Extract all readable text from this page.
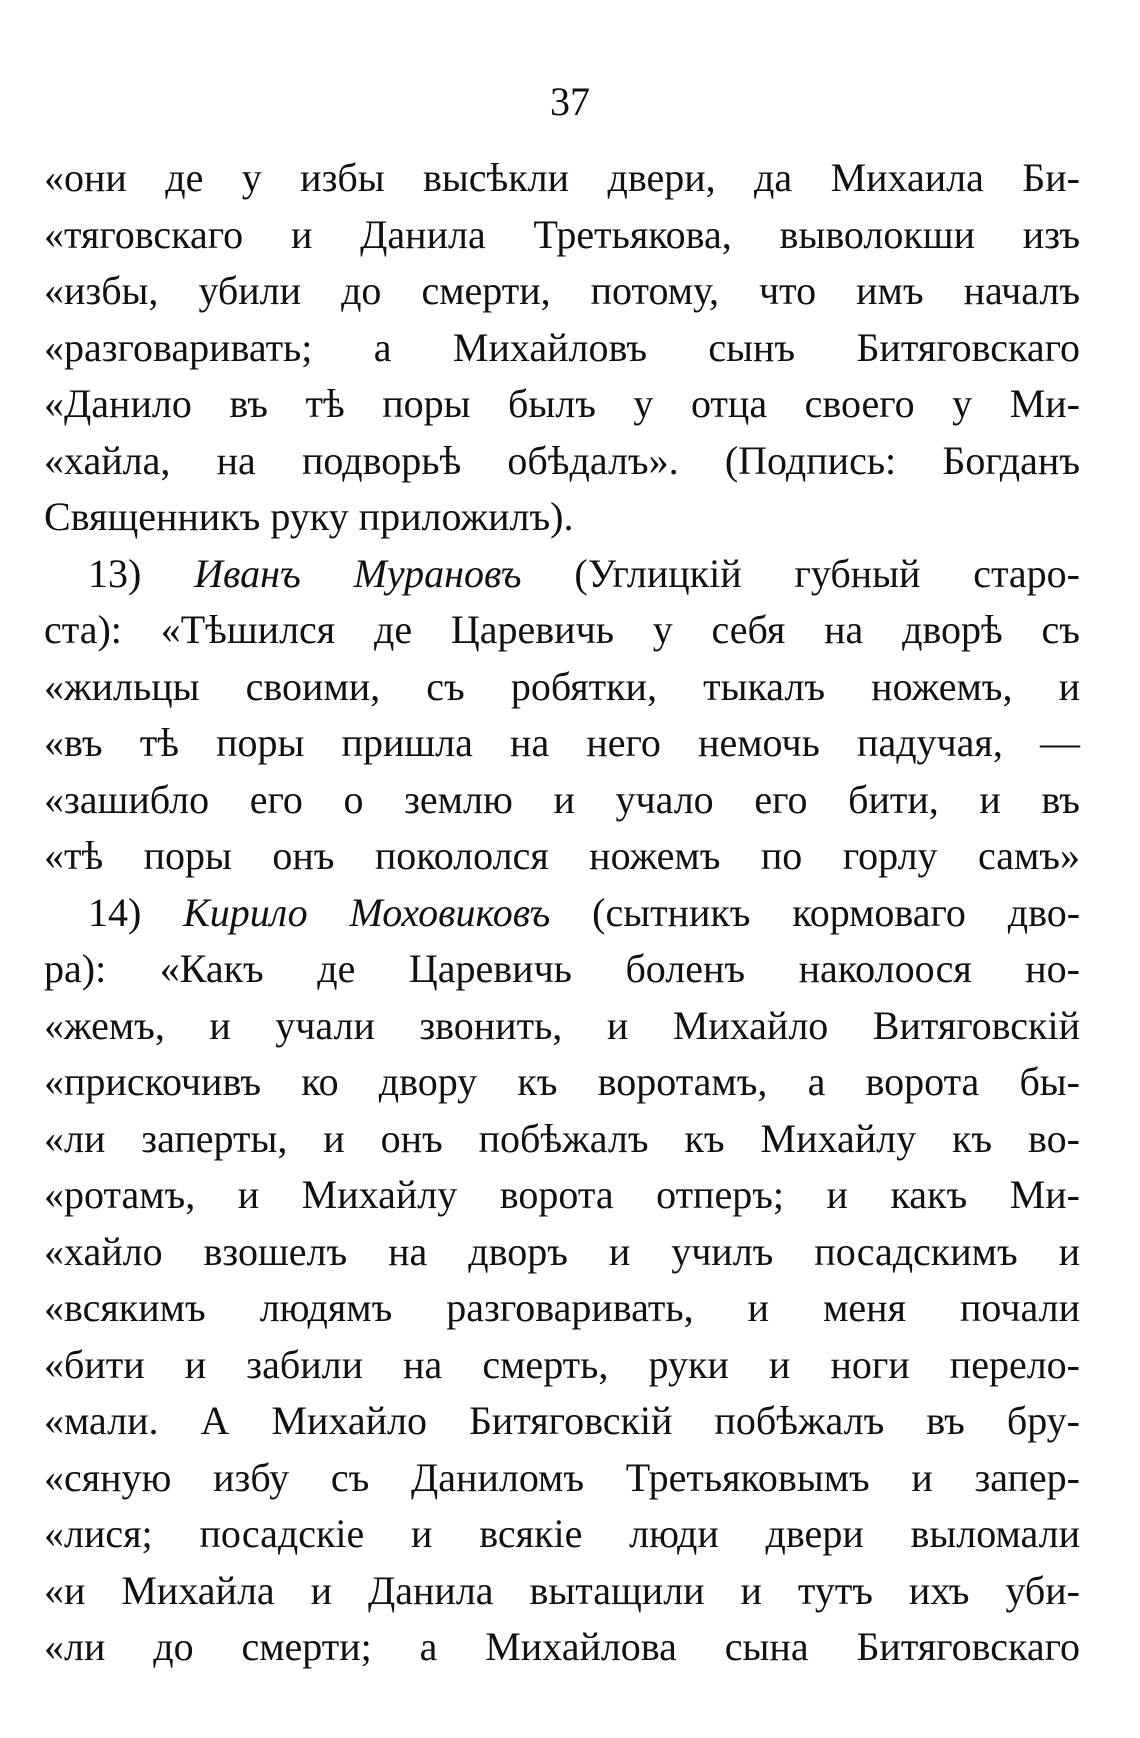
37
«они де у избы высѣкли двери, да Михаила Би-
«тяговскаго и Данила Третьякова, выволокши изъ
«избы, убили до смерти, потому, что имъ началъ
«разговаривать; а Михайловъ сынъ Битяговскаго
«Данило въ тѣ поры былъ у отца своего у Ми-
«хайла, на подворьѣ обѣдалъ». (Подпись: Богданъ
Священникъ руку приложилъ).
13) Иванъ Мурановъ (Углицкій губный старо-
ста): «Тѣшился де Царевичь у себя на дворѣ съ
«жильцы своими, съ робятки, тыкалъ ножемъ, и
«въ тѣ поры пришла на него немочь падучая, —
«зашибло его о землю и учало его бити, и въ
«тѣ поры онъ покололся ножемъ по горлу самъ»
14) Кирило Моховиковъ (сытникъ кормоваго дво-
ра): «Какъ де Царевичь боленъ наколоося но-
«жемъ, и учали звонить, и Михайло Витяговскій
«прискочивъ ко двору къ воротамъ, а ворота бы-
«ли заперты, и онъ побѣжалъ къ Михайлу къ во-
«ротамъ, и Михайлу ворота отперъ; и какъ Ми-
«хайло взошелъ на дворъ и училъ посадскимъ и
«всякимъ людямъ разговаривать, и меня почали
«бити и забили на смерть, руки и ноги перело-
«мали. А Михайло Битяговскій побѣжалъ въ бру-
«сяную избу съ Даниломъ Третьяковымъ и запер-
«лися; посадскіе и всякіе люди двери выломали
«и Михайла и Данила вытащили и тутъ ихъ уби-
«ли до смерти; а Михайлова сына Битяговскаго
